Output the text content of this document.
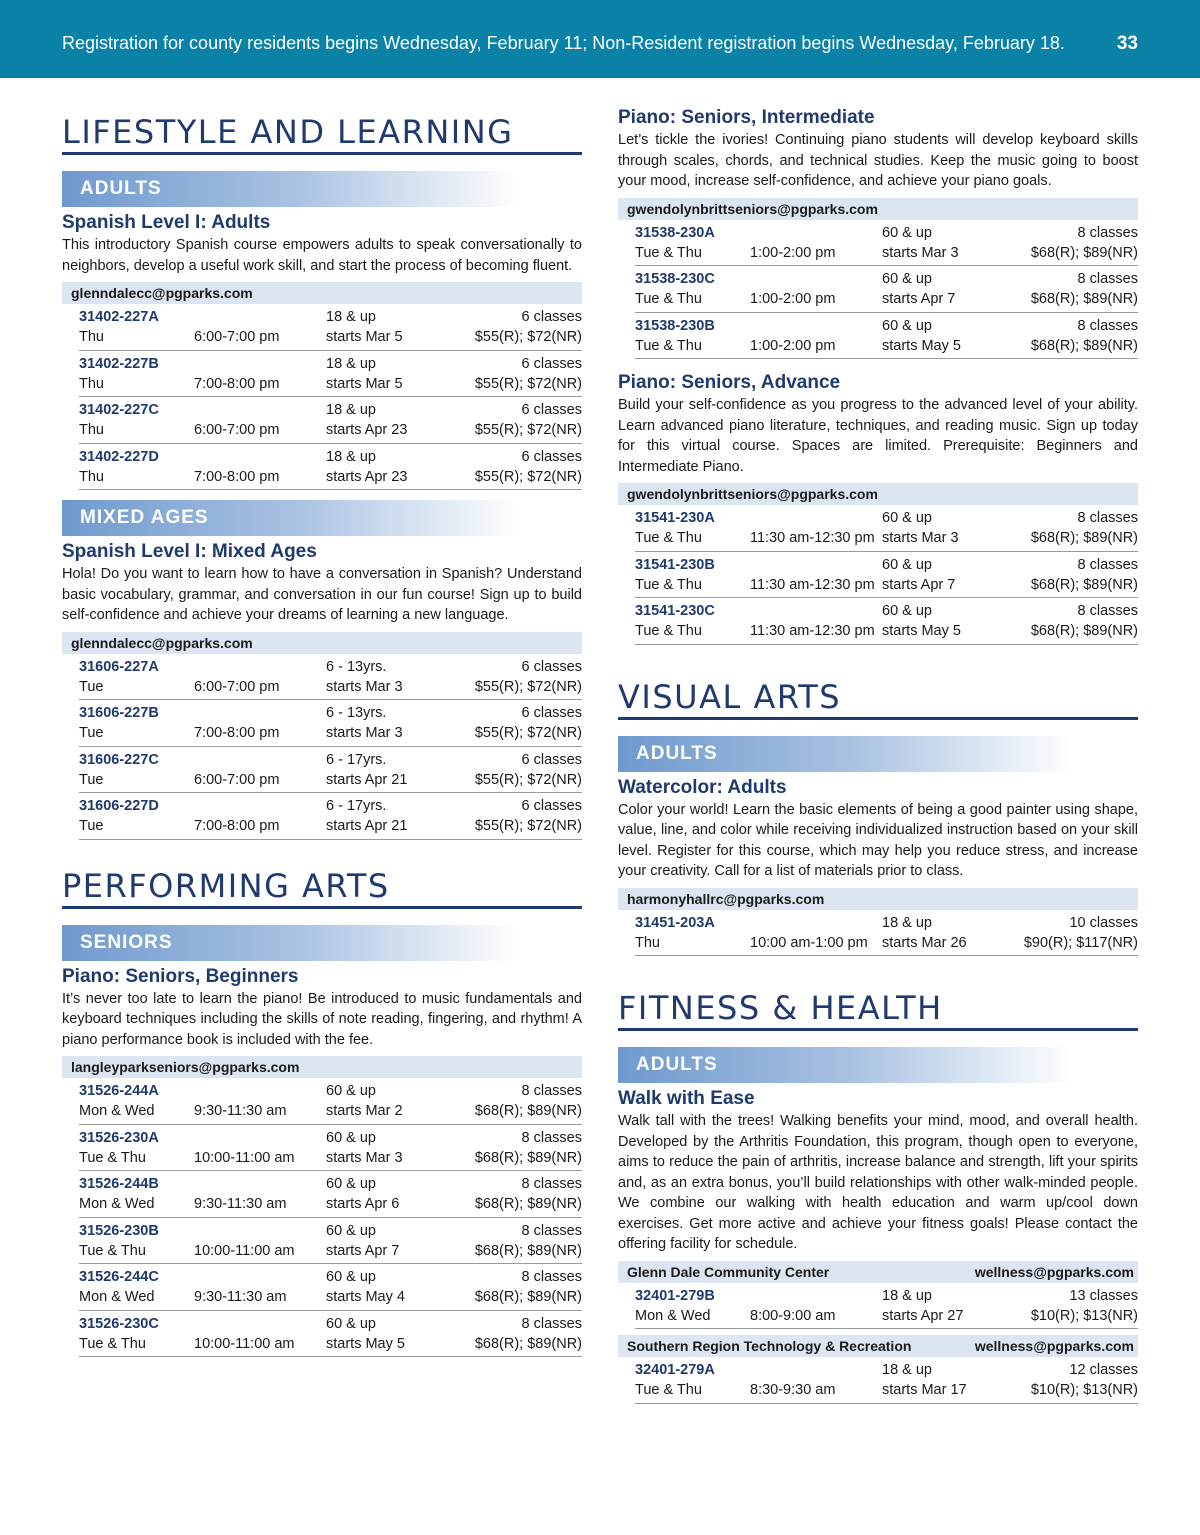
Registration for county residents begins Wednesday, February 11; Non-Resident registration begins Wednesday, February 18.	33
LIFESTYLE AND LEARNING
ADULTS
Spanish Level I: Adults
This introductory Spanish course empowers adults to speak conversationally to neighbors, develop a useful work skill, and start the process of becoming fluent.
glenndalecc@pgparks.com
31402-227A
Thu	6:00-7:00 pm
18 & up
starts Mar 5
6 classes
$55(R); $72(NR)
31402-227B
Thu	7:00-8:00 pm
18 & up
starts Mar 5
6 classes
$55(R); $72(NR)
31402-227C
Thu	6:00-7:00 pm
18 & up
starts Apr 23
6 classes
$55(R); $72(NR)
31402-227D
Thu	7:00-8:00 pm
18 & up
starts Apr 23
6 classes
$55(R); $72(NR)
MIXED AGES
Spanish Level I: Mixed Ages
Hola! Do you want to learn how to have a conversation in Spanish? Understand basic vocabulary, grammar, and conversation in our fun course! Sign up to build self-confidence and achieve your dreams of learning a new language.
glenndalecc@pgparks.com
31606-227A
Tue	6:00-7:00 pm
6 - 13yrs.
starts Mar 3
6 classes
$55(R); $72(NR)
31606-227B
Tue	7:00-8:00 pm
6 - 13yrs.
starts Mar 3
6 classes
$55(R); $72(NR)
31606-227C
Tue	6:00-7:00 pm
6 - 17yrs.
starts Apr 21
6 classes
$55(R); $72(NR)
31606-227D
Tue	7:00-8:00 pm
6 - 17yrs.
starts Apr 21
6 classes
$55(R); $72(NR)
PERFORMING ARTS
SENIORS
Piano: Seniors, Beginners
It’s never too late to learn the piano! Be introduced to music fundamentals and keyboard techniques including the skills of note reading, fingering, and rhythm! A piano performance book is included with the fee.
langleyparkseniors@pgparks.com
31526-244A
Mon & Wed	9:30-11:30 am
60 & up
starts Mar 2
8 classes
$68(R); $89(NR)
31526-230A
Tue & Thu	10:00-11:00 am
60 & up
starts Mar 3
8 classes
$68(R); $89(NR)
31526-244B
Mon & Wed	9:30-11:30 am
60 & up
starts Apr 6
8 classes
$68(R); $89(NR)
31526-230B
Tue & Thu	10:00-11:00 am
60 & up
starts Apr 7
8 classes
$68(R); $89(NR)
31526-244C
Mon & Wed	9:30-11:30 am
60 & up
starts May 4
8 classes
$68(R); $89(NR)
31526-230C
Tue & Thu	10:00-11:00 am
60 & up
starts May 5
8 classes
$68(R); $89(NR)
Piano: Seniors, Intermediate
Let’s tickle the ivories! Continuing piano students will develop keyboard skills through scales, chords, and technical studies. Keep the music going to boost your mood, increase self-confidence, and achieve your piano goals.
gwendolynbrittseniors@pgparks.com
31538-230A
Tue & Thu	1:00-2:00 pm
60 & up
starts Mar 3
8 classes
$68(R); $89(NR)
31538-230C
Tue & Thu	1:00-2:00 pm
60 & up
starts Apr 7
8 classes
$68(R); $89(NR)
31538-230B
Tue & Thu	1:00-2:00 pm
60 & up
starts May 5
8 classes
$68(R); $89(NR)
Piano: Seniors, Advance
Build your self-confidence as you progress to the advanced level of your ability. Learn advanced piano literature, techniques, and reading music. Sign up today for this virtual course. Spaces are limited. Prerequisite: Beginners and Intermediate Piano.
gwendolynbrittseniors@pgparks.com
31541-230A
Tue & Thu	11:30 am-12:30 pm
60 & up
starts Mar 3
8 classes
$68(R); $89(NR)
31541-230B
Tue & Thu	11:30 am-12:30 pm
60 & up
starts Apr 7
8 classes
$68(R); $89(NR)
31541-230C
Tue & Thu	11:30 am-12:30 pm
60 & up
starts May 5
8 classes
$68(R); $89(NR)
VISUAL ARTS
ADULTS
Watercolor: Adults
Color your world! Learn the basic elements of being a good painter using shape, value, line, and color while receiving individualized instruction based on your skill level. Register for this course, which may help you reduce stress, and increase your creativity. Call for a list of materials prior to class.
harmonyhallrc@pgparks.com
31451-203A
Thu	10:00 am-1:00 pm
18 & up
starts Mar 26
10 classes
$90(R); $117(NR)
FITNESS & HEALTH
ADULTS
Walk with Ease
Walk tall with the trees! Walking benefits your mind, mood, and overall health. Developed by the Arthritis Foundation, this program, though open to everyone, aims to reduce the pain of arthritis, increase balance and strength, lift your spirits and, as an extra bonus, you’ll build relationships with other walk-minded people. We combine our walking with health education and warm up/cool down exercises. Get more active and achieve your fitness goals! Please contact the offering facility for schedule.
Glenn Dale Community Center	wellness@pgparks.com
32401-279B
Mon & Wed	8:00-9:00 am
18 & up
starts Apr 27
13 classes
$10(R); $13(NR)
Southern Region Technology & Recreation	wellness@pgparks.com
32401-279A
Tue & Thu	8:30-9:30 am
18 & up
starts Mar 17
12 classes
$10(R); $13(NR)
